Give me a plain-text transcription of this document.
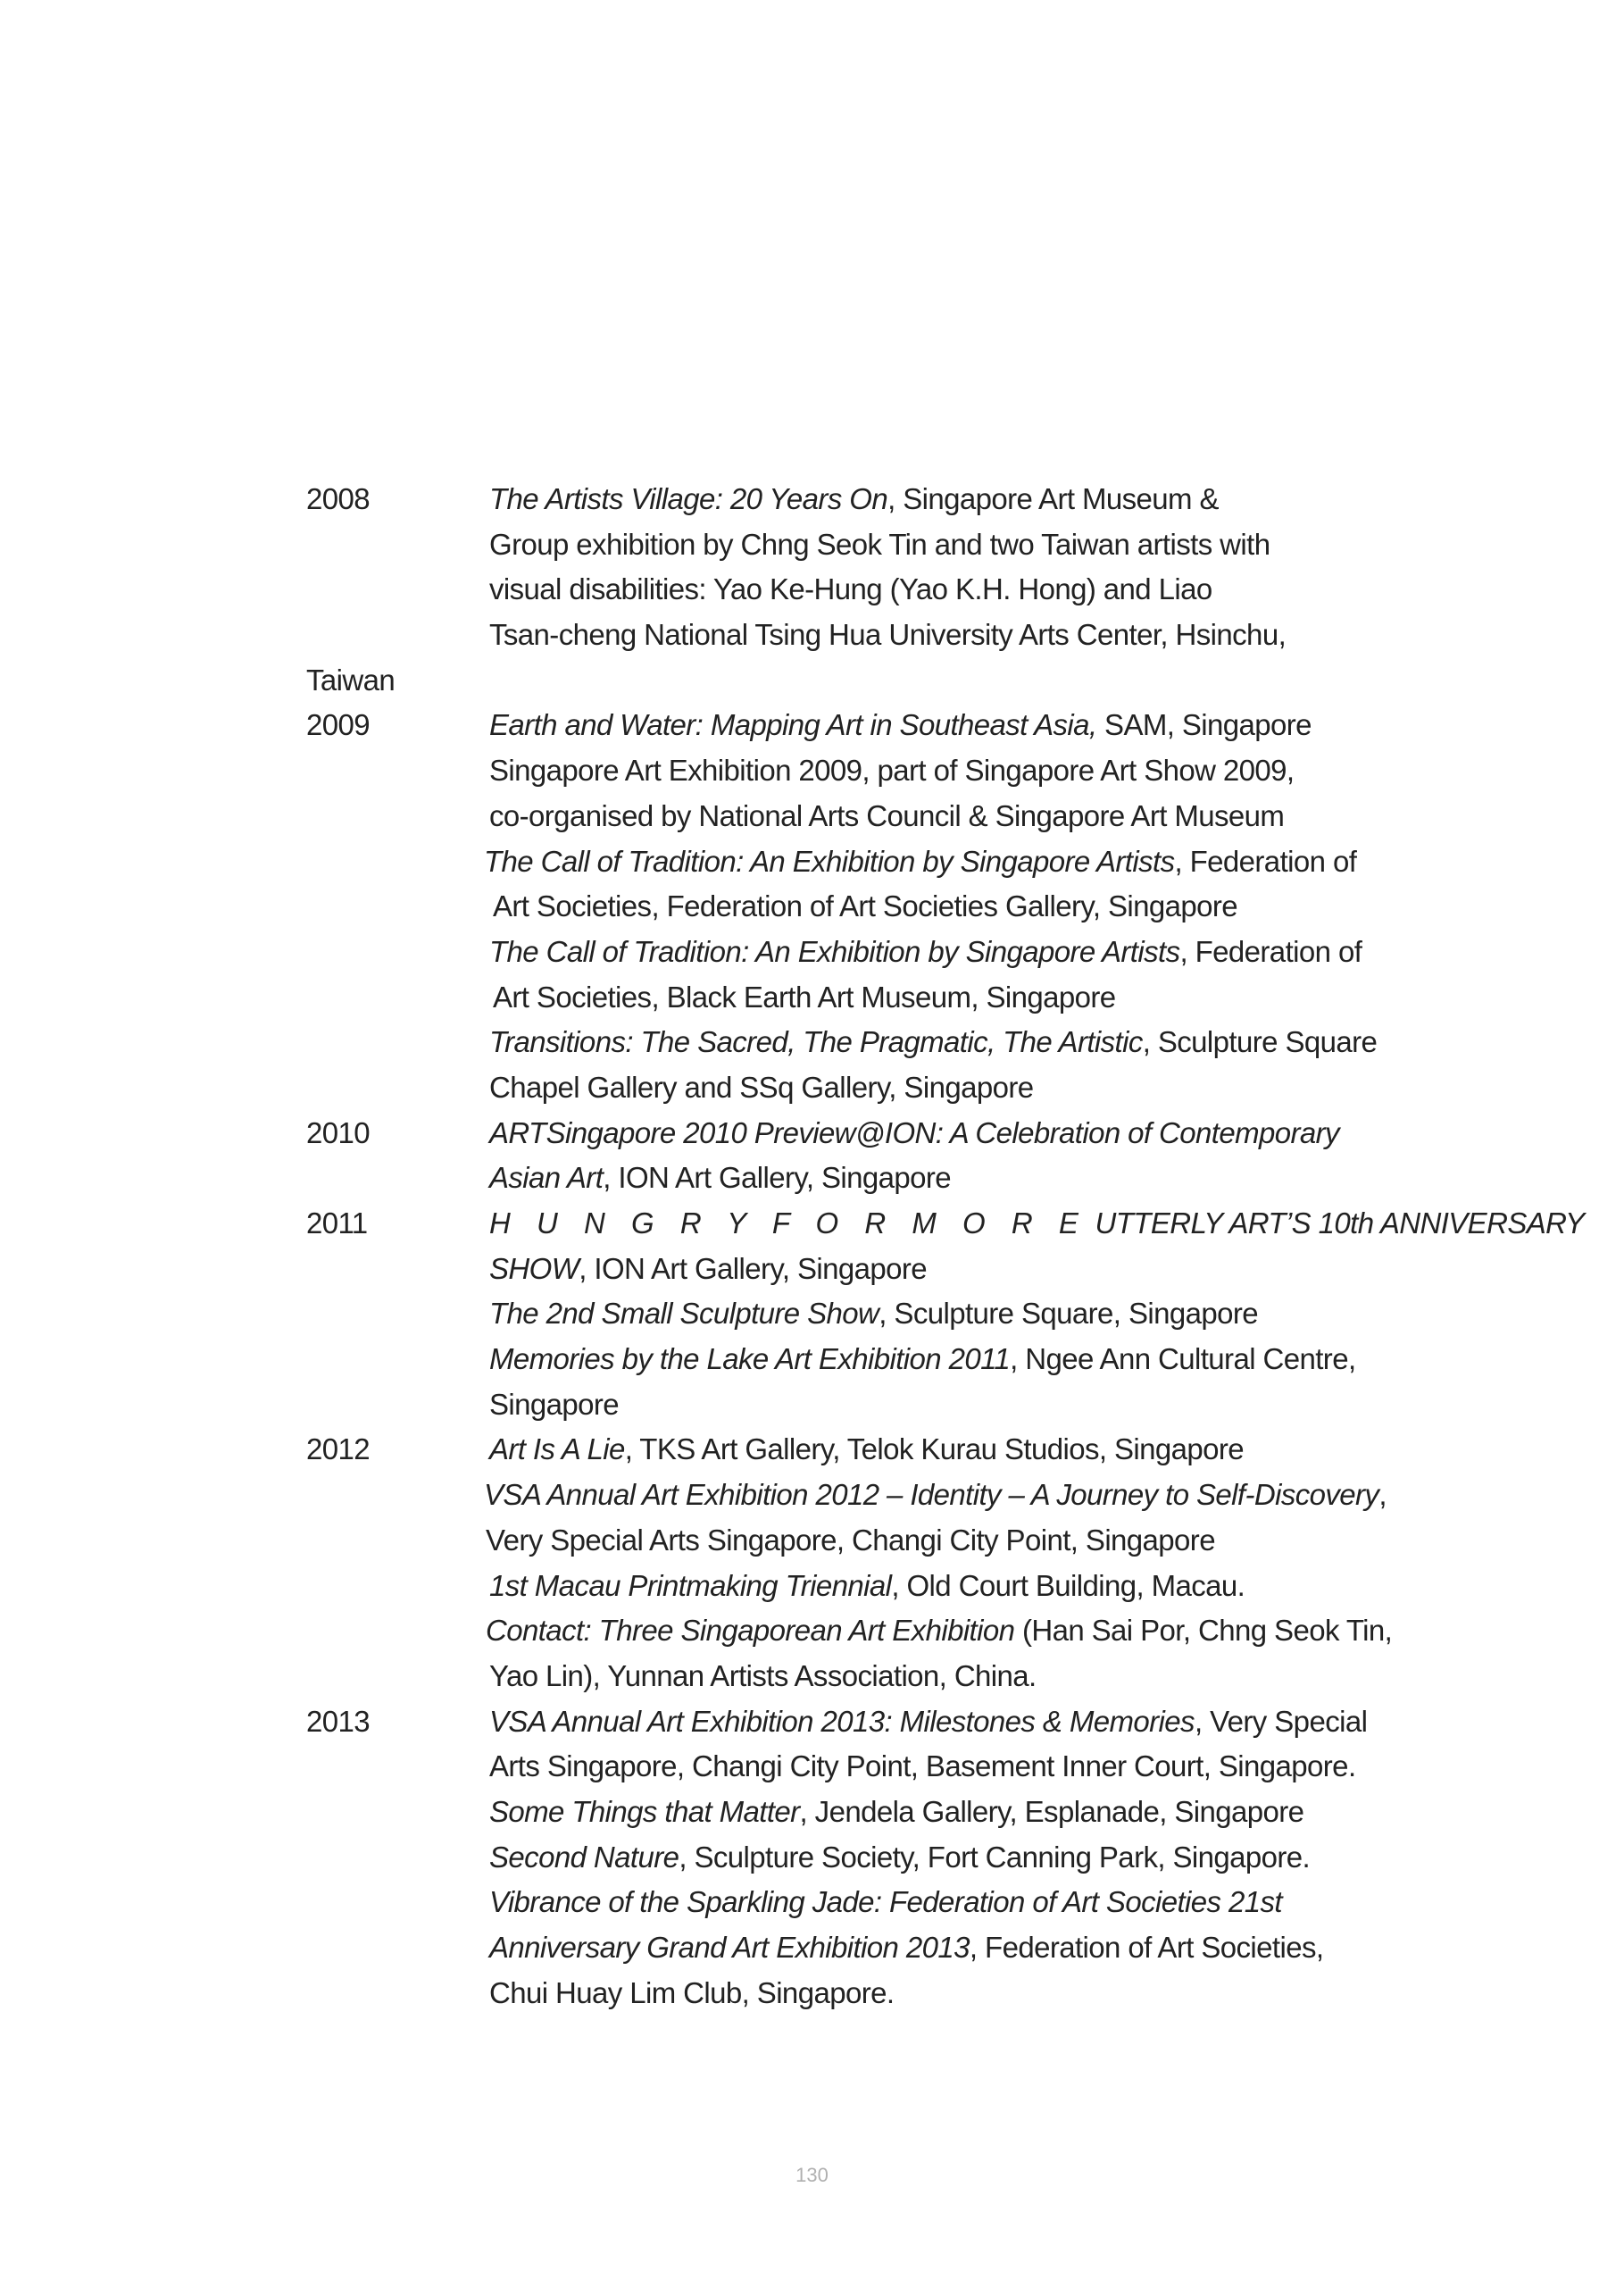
2008	The Artists Village: 20 Years On, Singapore Art Museum &
Group exhibition by Chng Seok Tin and two Taiwan artists with
visual disabilities: Yao Ke-Hung (Yao K.H. Hong) and Liao
Tsan-cheng National Tsing Hua University Arts Center, Hsinchu,
Taiwan
2009	Earth and Water: Mapping Art in Southeast Asia, SAM, Singapore
Singapore Art Exhibition 2009, part of Singapore Art Show 2009,
co-organised by National Arts Council & Singapore Art Museum
The Call of Tradition: An Exhibition by Singapore Artists, Federation of
Art Societies, Federation of Art Societies Gallery, Singapore
The Call of Tradition: An Exhibition by Singapore Artists, Federation of
Art Societies, Black Earth Art Museum, Singapore
Transitions: The Sacred, The Pragmatic, The Artistic, Sculpture Square
Chapel Gallery and SSq Gallery, Singapore
2010	ARTSingapore 2010 Preview@ION: A Celebration of Contemporary
Asian Art, ION Art Gallery, Singapore
2011	H U N G R Y F O R M O R E UTTERLY ART’S 10th ANNIVERSARY
SHOW, ION Art Gallery, Singapore
The 2nd Small Sculpture Show, Sculpture Square, Singapore
Memories by the Lake Art Exhibition 2011, Ngee Ann Cultural Centre,
Singapore
2012	Art Is A Lie, TKS Art Gallery, Telok Kurau Studios, Singapore
VSA Annual Art Exhibition 2012 – Identity – A Journey to Self-Discovery,
Very Special Arts Singapore, Changi City Point, Singapore
1st Macau Printmaking Triennial, Old Court Building, Macau.
Contact: Three Singaporean Art Exhibition (Han Sai Por, Chng Seok Tin,
Yao Lin), Yunnan Artists Association, China.
2013	VSA Annual Art Exhibition 2013: Milestones & Memories, Very Special
Arts Singapore, Changi City Point, Basement Inner Court, Singapore.
Some Things that Matter, Jendela Gallery, Esplanade, Singapore
Second Nature, Sculpture Society, Fort Canning Park, Singapore.
Vibrance of the Sparkling Jade: Federation of Art Societies 21st
Anniversary Grand Art Exhibition 2013, Federation of Art Societies,
Chui Huay Lim Club, Singapore.
130
